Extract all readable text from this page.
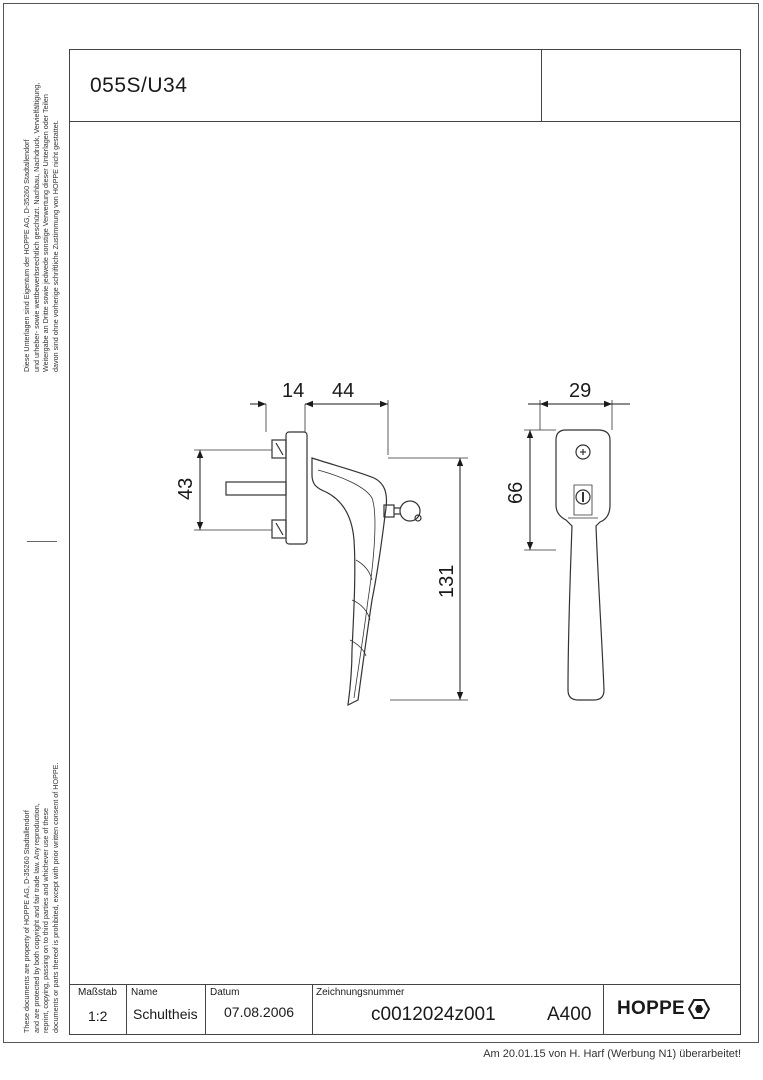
055S/U34
Diese Unterlagen sind Eigentum der HOPPE AG, D-35260 Stadtallendorf und urheber- sowie wettbewerbsrechtlich geschützt. Nachbau, Nachdruck, Vervielfältigung, Weitergabe an Dritte sowie jedwede sonstige Verwertung dieser Unterlagen oder Teilen davon sind ohne vorherige schriftliche Zustimmung von HOPPE nicht gestattet.
These documents are property of HOPPE AG, D-35260 Stadtallendorf and are protected by both copyright and fair trade law. Any reproduction, reprint, copying, passing on to third parties and whichever use of these documents or parts thereof is prohibited, except with prior written consent of HOPPE.
14 44	29
43	66
131
Maßstab
1:2
Name
Schultheis
Datum
07.08.2006
Zeichnungsnummer
c0012024z001	A400 HOPPE
Am 20.01.15 von H. Harf (Werbung N1) überarbeitet!
